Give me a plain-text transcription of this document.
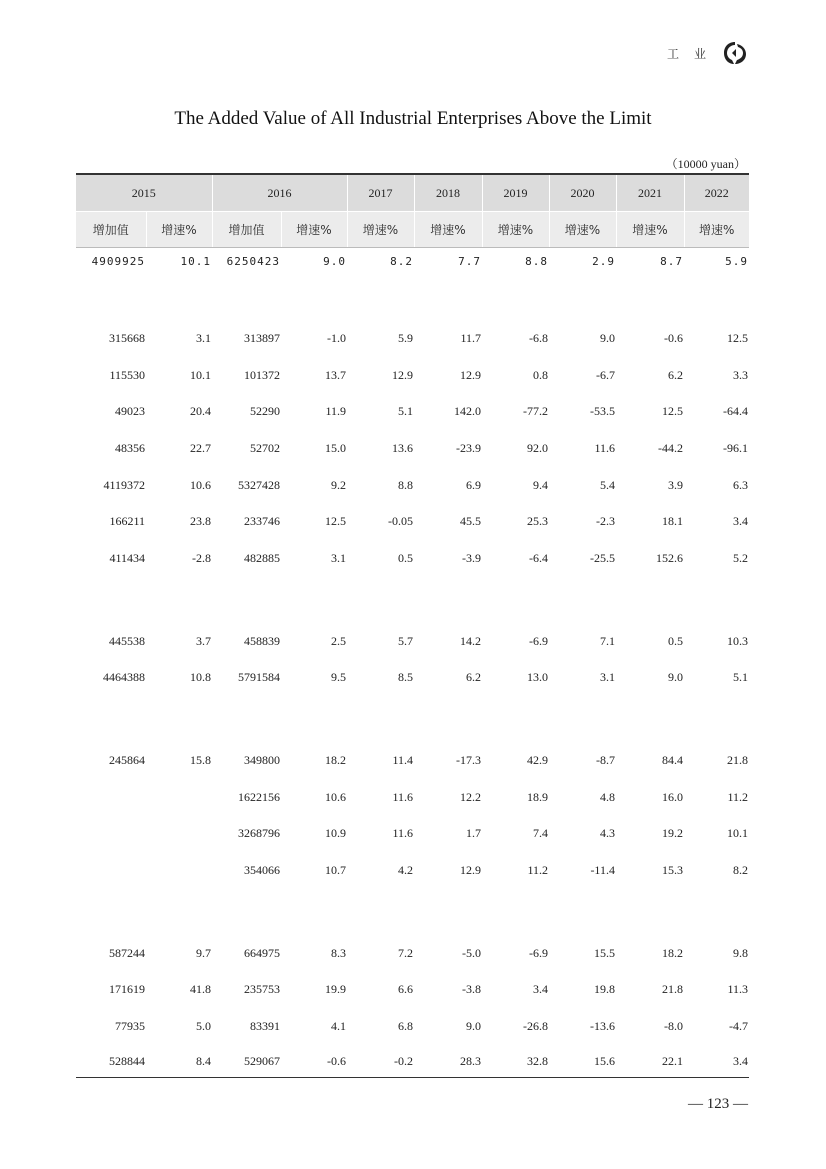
工 业
The Added Value of All Industrial Enterprises Above the Limit
（10000 yuan）
2015		2016		2017	2018	2019	2020	2021	2022
增加值	增速%	增加值	增速%	增速%	增速%	增速%	增速%	增速%	增速%
4909925	10.1	6250423	9.0	8.2	7.7	8.8	2.9	8.7	5.9

315668	3.1	313897	-1.0	5.9	11.7	-6.8	9.0	-0.6	12.5
115530	10.1	101372	13.7	12.9	12.9	0.8	-6.7	6.2	3.3
49023	20.4	52290	11.9	5.1	142.0	-77.2	-53.5	12.5	-64.4
48356	22.7	52702	15.0	13.6	-23.9	92.0	11.6	-44.2	-96.1
4119372	10.6	5327428	9.2	8.8	6.9	9.4	5.4	3.9	6.3
166211	23.8	233746	12.5	-0.05	45.5	25.3	-2.3	18.1	3.4
411434	-2.8	482885	3.1	0.5	-3.9	-6.4	-25.5	152.6	5.2

445538	3.7	458839	2.5	5.7	14.2	-6.9	7.1	0.5	10.3
4464388	10.8	5791584	9.5	8.5	6.2	13.0	3.1	9.0	5.1

245864	15.8	349800	18.2	11.4	-17.3	42.9	-8.7	84.4	21.8
		1622156	10.6	11.6	12.2	18.9	4.8	16.0	11.2
		3268796	10.9	11.6	1.7	7.4	4.3	19.2	10.1
		354066	10.7	4.2	12.9	11.2	-11.4	15.3	8.2

587244	9.7	664975	8.3	7.2	-5.0	-6.9	15.5	18.2	9.8
171619	41.8	235753	19.9	6.6	-3.8	3.4	19.8	21.8	11.3
77935	5.0	83391	4.1	6.8	9.0	-26.8	-13.6	-8.0	-4.7
528844	8.4	529067	-0.6	-0.2	28.3	32.8	15.6	22.1	3.4
— 123 —
